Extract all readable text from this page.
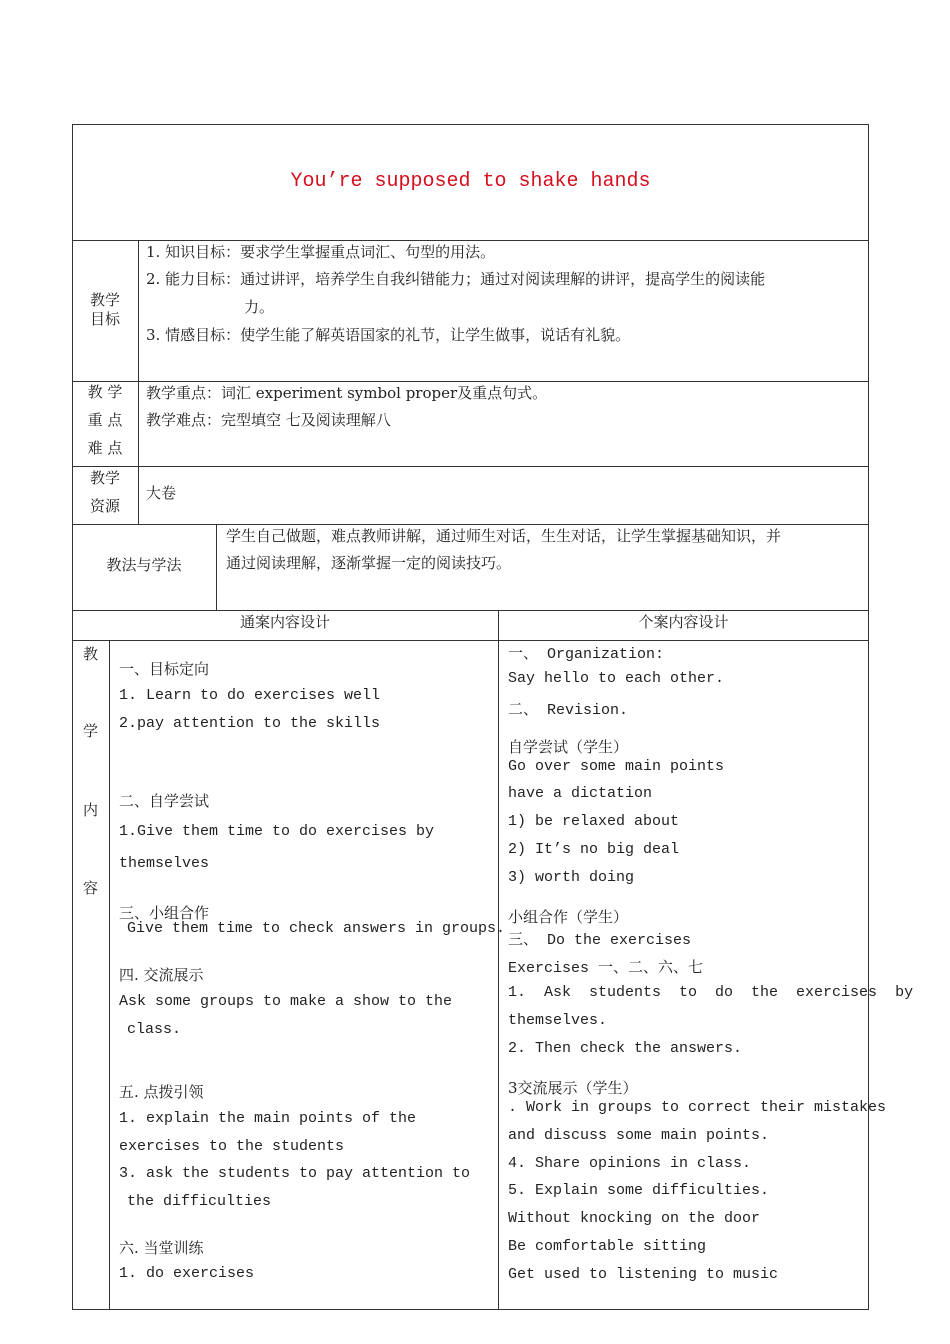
You’re supposed to shake hands
教学
目标
1. 知识目标：要求学生掌握重点词汇、句型的用法。
2. 能力目标：通过讲评，培养学生自我纠错能力；通过对阅读理解的讲评，提高学生的阅读能
力。
3. 情感目标：使学生能了解英语国家的礼节，让学生做事，说话有礼貌。
教 学
重 点
难 点
教学重点：词汇 experiment symbol proper及重点句式。
教学难点：完型填空 七及阅读理解八
教学
资源
大卷
教法与学法
学生自己做题，难点教师讲解，通过师生对话，生生对话，让学生掌握基础知识，并
通过阅读理解，逐渐掌握一定的阅读技巧。
通案内容设计	个案内容设计
教
学
内
容
一、目标定向
1. Learn to do exercises well
2.pay attention to the skills
二、自学尝试
1.Give them time to do exercises by
themselves
三、小组合作
Give them time to check answers in groups.
四. 交流展示
Ask some groups to make a show to the
class.
五. 点拨引领
1. explain the main points of the
exercises to the students
3. ask the students to pay attention to
the difficulties
六. 当堂训练
1. do exercises
一、 Organization:
Say hello to each other.
二、 Revision.
自学尝试（学生）
Go over some main points
have a dictation
1) be relaxed about
2) It’s no big deal
3) worth doing
小组合作（学生）
三、 Do the exercises
Exercises 一、二、六、七
1.  Ask  students  to  do  the  exercises  by
themselves.
2. Then check the answers.
3交流展示（学生）
. Work in groups to correct their mistakes
and discuss some main points.
4. Share opinions in class.
5. Explain some difficulties.
Without knocking on the door
Be comfortable sitting
Get used to listening to music
